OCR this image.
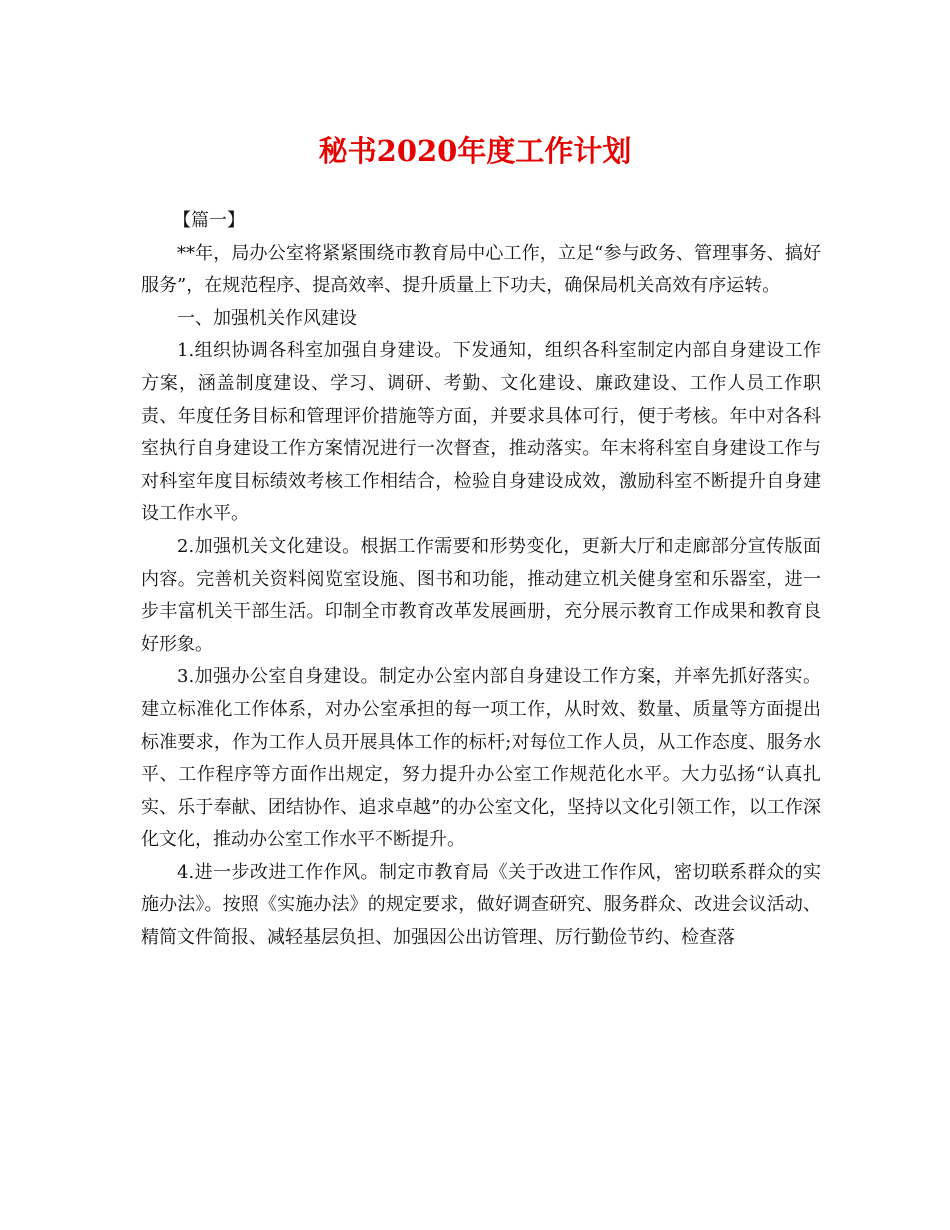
秘书2020年度工作计划

【篇一】

**年，局办公室将紧紧围绕市教育局中心工作，立足“参与政务、管理事务、搞好服务”，在规范程序、提高效率、提升质量上下功夫，确保局机关高效有序运转。

一、加强机关作风建设

1.组织协调各科室加强自身建设。下发通知，组织各科室制定内部自身建设工作方案，涵盖制度建设、学习、调研、考勤、文化建设、廉政建设、工作人员工作职责、年度任务目标和管理评价措施等方面，并要求具体可行，便于考核。年中对各科室执行自身建设工作方案情况进行一次督查，推动落实。年末将科室自身建设工作与对科室年度目标绩效考核工作相结合，检验自身建设成效，激励科室不断提升自身建设工作水平。

2.加强机关文化建设。根据工作需要和形势变化，更新大厅和走廊部分宣传版面内容。完善机关资料阅览室设施、图书和功能，推动建立机关健身室和乐器室，进一步丰富机关干部生活。印制全市教育改革发展画册，充分展示教育工作成果和教育良好形象。

3.加强办公室自身建设。制定办公室内部自身建设工作方案，并率先抓好落实。建立标准化工作体系，对办公室承担的每一项工作，从时效、数量、质量等方面提出标准要求，作为工作人员开展具体工作的标杆;对每位工作人员，从工作态度、服务水平、工作程序等方面作出规定，努力提升办公室工作规范化水平。大力弘扬“认真扎实、乐于奉献、团结协作、追求卓越”的办公室文化，坚持以文化引领工作，以工作深化文化，推动办公室工作水平不断提升。

4.进一步改进工作作风。制定市教育局《关于改进工作作风，密切联系群众的实施办法》。按照《实施办法》的规定要求，做好调查研究、服务群众、改进会议活动、精简文件简报、减轻基层负担、加强因公出访管理、厉行勤俭节约、检查落
